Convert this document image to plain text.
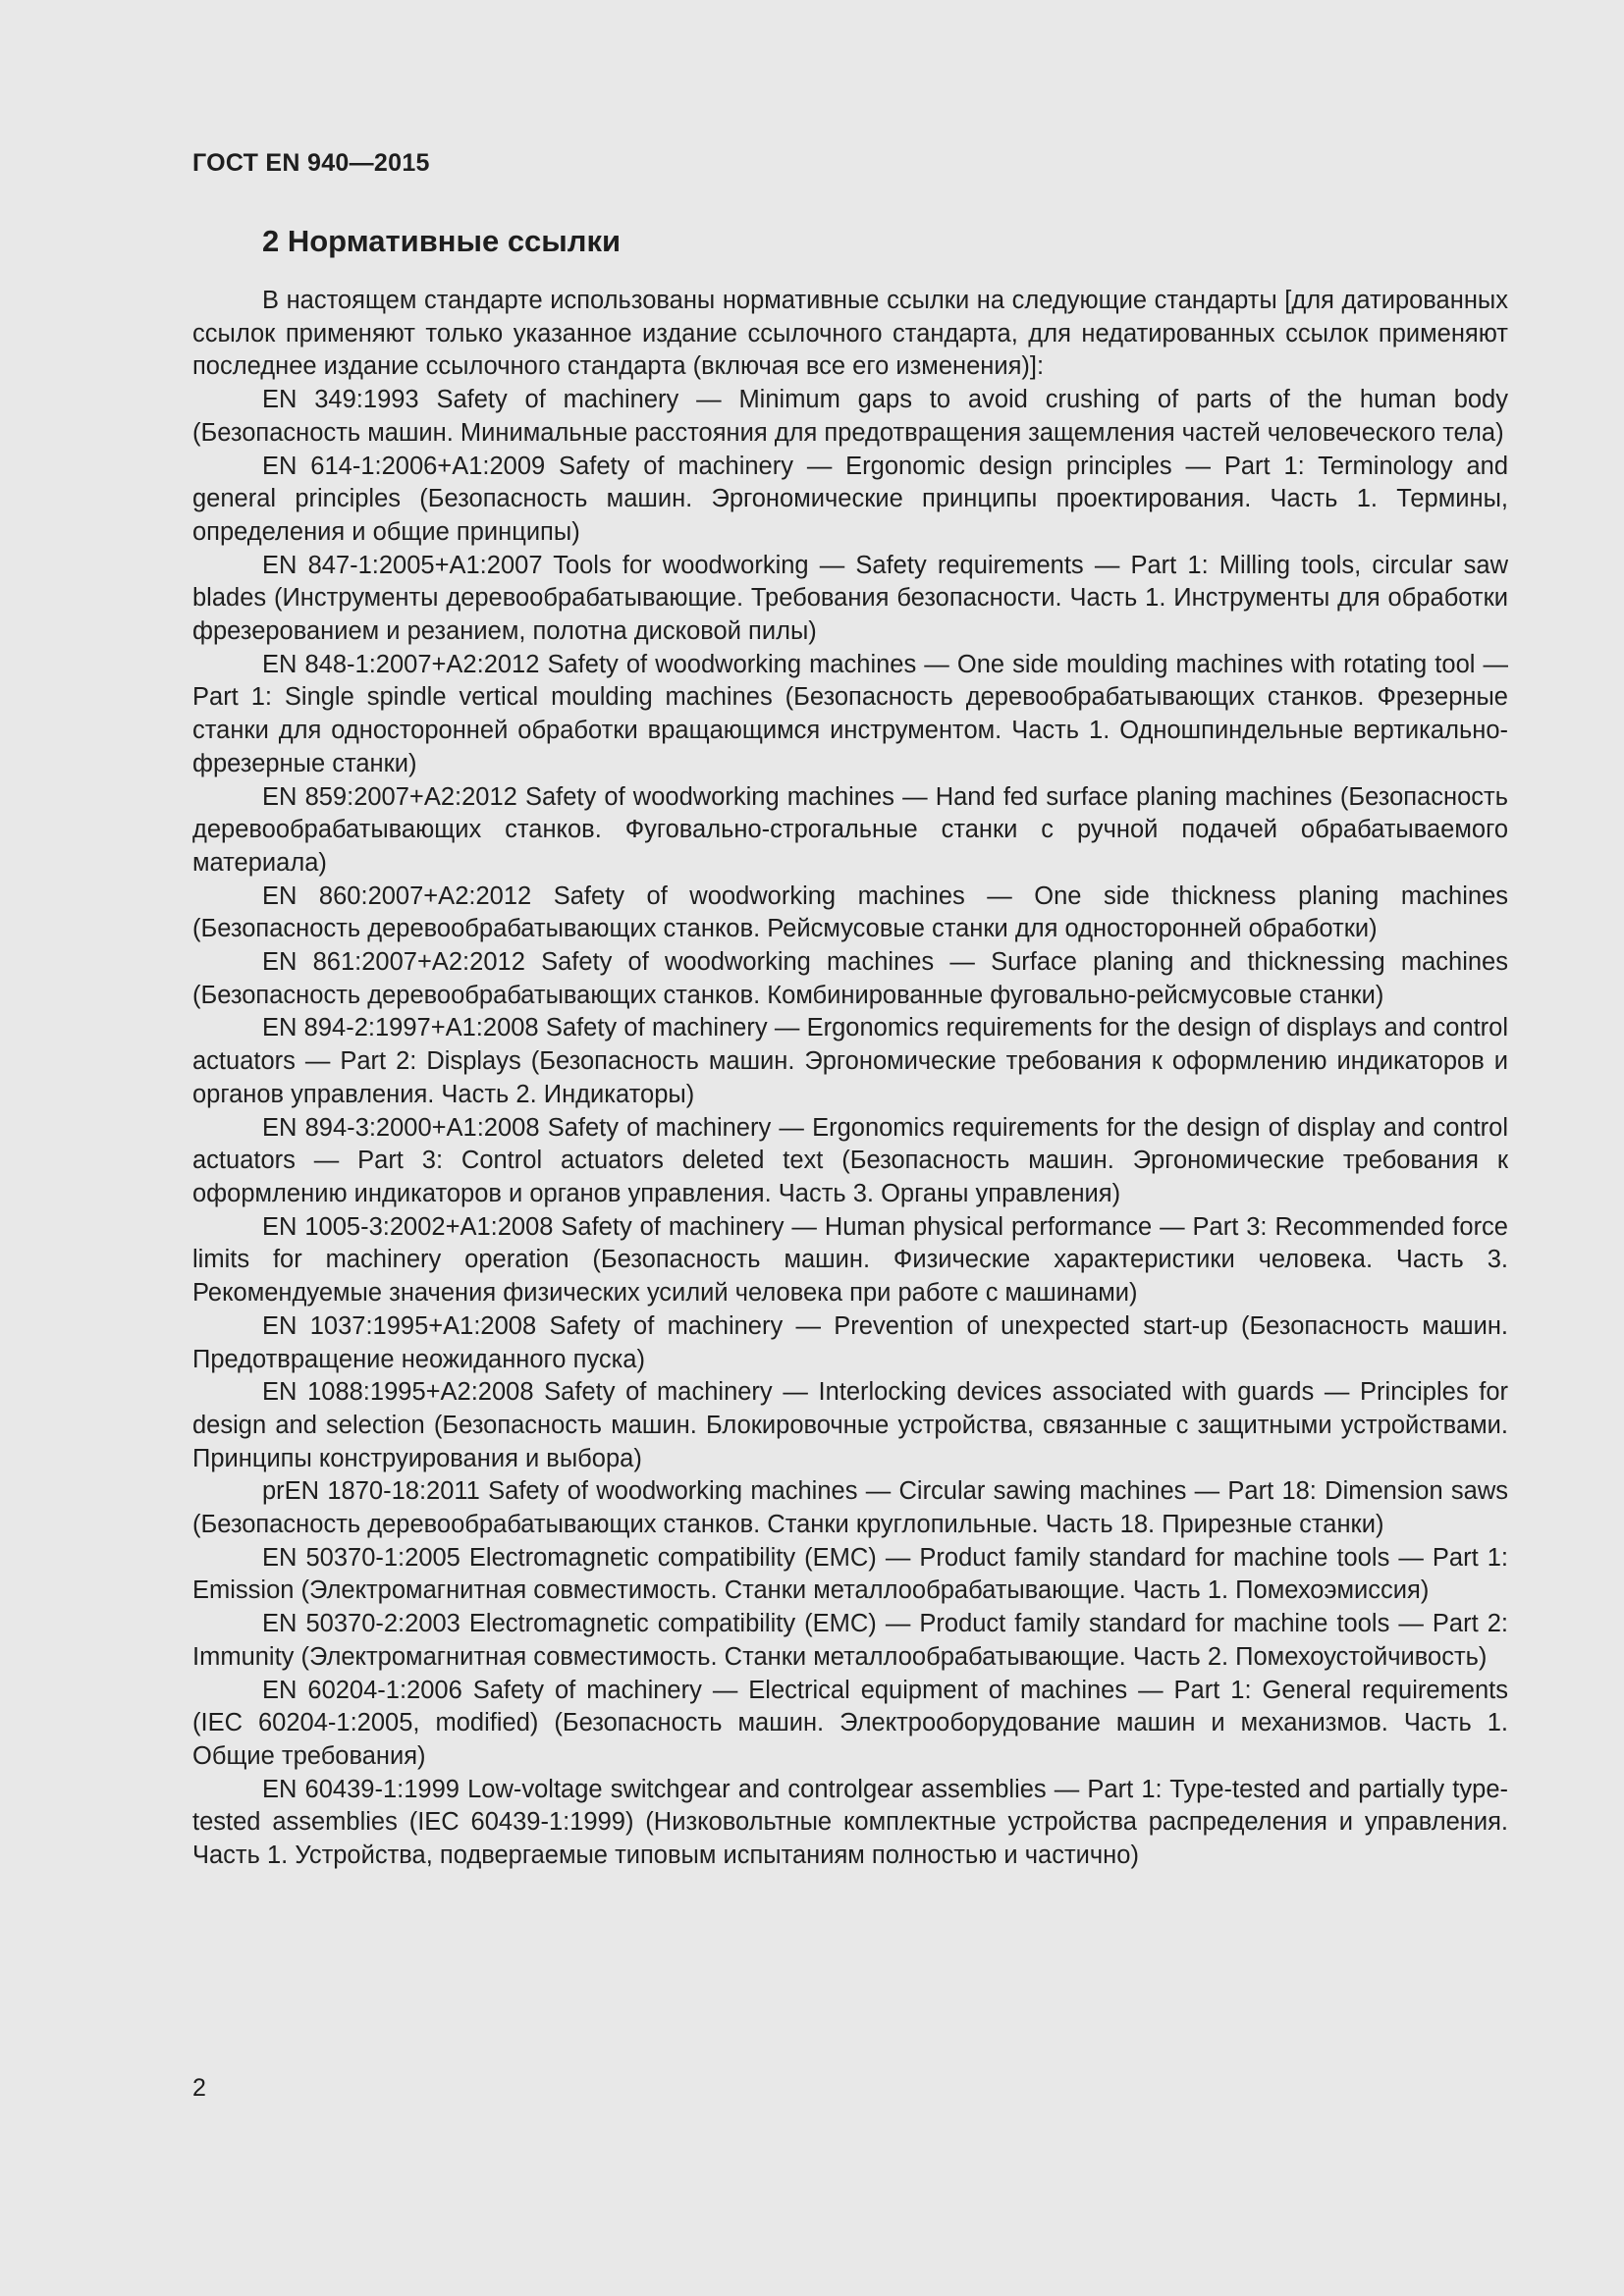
ГОСТ EN 940—2015
2 Нормативные ссылки

В настоящем стандарте использованы нормативные ссылки на следующие стандарты [для датированных ссылок применяют только указанное издание ссылочного стандарта, для недатированных ссылок применяют последнее издание ссылочного стандарта (включая все его изменения)]:

EN 349:1993 Safety of machinery — Minimum gaps to avoid crushing of parts of the human body (Безопасность машин. Минимальные расстояния для предотвращения защемления частей человеческого тела)

EN 614-1:2006+A1:2009 Safety of machinery — Ergonomic design principles — Part 1: Terminology and general principles (Безопасность машин. Эргономические принципы проектирования. Часть 1. Термины, определения и общие принципы)

EN 847-1:2005+A1:2007 Tools for woodworking — Safety requirements — Part 1: Milling tools, circular saw blades (Инструменты деревообрабатывающие. Требования безопасности. Часть 1. Инструменты для обработки фрезерованием и резанием, полотна дисковой пилы)

EN 848-1:2007+A2:2012 Safety of woodworking machines — One side moulding machines with rotating tool — Part 1: Single spindle vertical moulding machines (Безопасность деревообрабатывающих станков. Фрезерные станки для односторонней обработки вращающимся инструментом. Часть 1. Одношпиндельные вертикально-фрезерные станки)

EN 859:2007+A2:2012 Safety of woodworking machines — Hand fed surface planing machines (Безопасность деревообрабатывающих станков. Фуговально-строгальные станки с ручной подачей обрабатываемого материала)

EN 860:2007+A2:2012 Safety of woodworking machines — One side thickness planing machines (Безопасность деревообрабатывающих станков. Рейсмусовые станки для односторонней обработки)

EN 861:2007+A2:2012 Safety of woodworking machines — Surface planing and thicknessing machines (Безопасность деревообрабатывающих станков. Комбинированные фуговально-рейсмусовые станки)

EN 894-2:1997+A1:2008 Safety of machinery — Ergonomics requirements for the design of displays and control actuators — Part 2: Displays (Безопасность машин. Эргономические требования к оформлению индикаторов и органов управления. Часть 2. Индикаторы)

EN 894-3:2000+A1:2008 Safety of machinery — Ergonomics requirements for the design of display and control actuators — Part 3: Control actuators deleted text (Безопасность машин. Эргономические требования к оформлению индикаторов и органов управления. Часть 3. Органы управления)

EN 1005-3:2002+A1:2008 Safety of machinery — Human physical performance — Part 3: Recommended force limits for machinery operation (Безопасность машин. Физические характеристики человека. Часть 3. Рекомендуемые значения физических усилий человека при работе с машинами)

EN 1037:1995+A1:2008 Safety of machinery — Prevention of unexpected start-up (Безопасность машин. Предотвращение неожиданного пуска)

EN 1088:1995+A2:2008 Safety of machinery — Interlocking devices associated with guards — Principles for design and selection (Безопасность машин. Блокировочные устройства, связанные с защитными устройствами. Принципы конструирования и выбора)

prEN 1870-18:2011 Safety of woodworking machines — Circular sawing machines — Part 18: Dimension saws (Безопасность деревообрабатывающих станков. Станки круглопильные. Часть 18. Прирезные станки)

EN 50370-1:2005 Electromagnetic compatibility (EMC) — Product family standard for machine tools — Part 1: Emission (Электромагнитная совместимость. Станки металлообрабатывающие. Часть 1. Помехоэмиссия)

EN 50370-2:2003 Electromagnetic compatibility (EMC) — Product family standard for machine tools — Part 2: Immunity (Электромагнитная совместимость. Станки металлообрабатывающие. Часть 2. Помехоустойчивость)

EN 60204-1:2006 Safety of machinery — Electrical equipment of machines — Part 1: General requirements (IEC 60204-1:2005, modified) (Безопасность машин. Электрооборудование машин и механизмов. Часть 1. Общие требования)

EN 60439-1:1999 Low-voltage switchgear and controlgear assemblies — Part 1: Type-tested and partially type-tested assemblies (IEC 60439-1:1999) (Низковольтные комплектные устройства распределения и управления. Часть 1. Устройства, подвергаемые типовым испытаниям полностью и частично)

2
